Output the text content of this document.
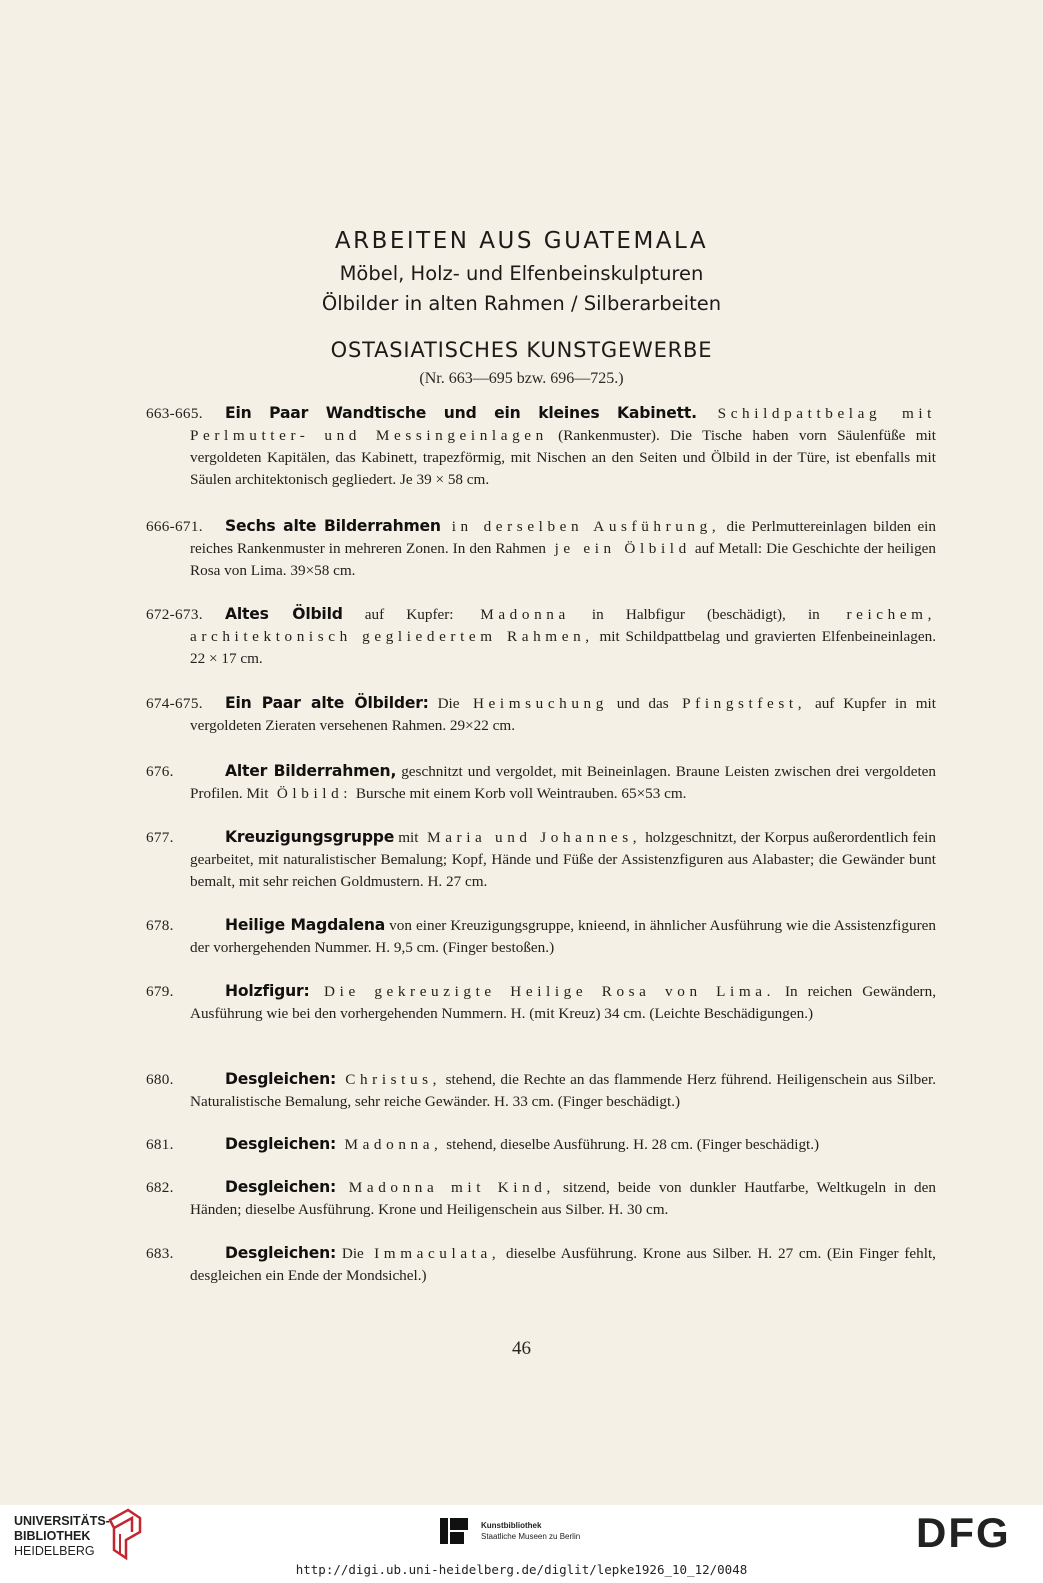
ARBEITEN AUS GUATEMALA
Möbel, Holz- und Elfenbeinskulpturen
Ölbilder in alten Rahmen / Silberarbeiten
OSTASIATISCHES KUNSTGEWERBE
(Nr. 663—695 bzw. 696—725.)
663-665. Ein Paar Wandtische und ein kleines Kabinett. Schildpattbelag mit Perlmutter- und Messingeinlagen (Rankenmuster). Die Tische haben vorn Säulenfüße mit vergoldeten Kapitälen, das Kabinett, trapezförmig, mit Nischen an den Seiten und Ölbild in der Türe, ist ebenfalls mit Säulen architektonisch gegliedert. Je 39 × 58 cm.
666-671. Sechs alte Bilderrahmen in derselben Ausführung, die Perlmuttereinlagen bilden ein reiches Rankenmuster in mehreren Zonen. In den Rahmen je ein Ölbild auf Metall: Die Geschichte der heiligen Rosa von Lima. 39×58 cm.
672-673. Altes Ölbild auf Kupfer: Madonna in Halbfigur (beschädigt), in reichem, architektonisch gegliedertem Rahmen, mit Schildpattbelag und gravierten Elfenbeineinlagen. 22 × 17 cm.
674-675. Ein Paar alte Ölbilder: Die Heimsuchung und das Pfingstfest, auf Kupfer in mit vergoldeten Zieraten versehenen Rahmen. 29×22 cm.
676.	Alter Bilderrahmen, geschnitzt und vergoldet, mit Beineinlagen. Braune Leisten zwischen drei vergoldeten Profilen. Mit Ölbild: Bursche mit einem Korb voll Weintrauben. 65×53 cm.
677.	Kreuzigungsgruppe mit Maria und Johannes, holzgeschnitzt, der Korpus außerordentlich fein gearbeitet, mit naturalistischer Bemalung; Kopf, Hände und Füße der Assistenzfiguren aus Alabaster; die Gewänder bunt bemalt, mit sehr reichen Goldmustern. H. 27 cm.
678.	Heilige Magdalena von einer Kreuzigungsgruppe, knieend, in ähnlicher Ausführung wie die Assistenzfiguren der vorhergehenden Nummer. H. 9,5 cm. (Finger bestoßen.)
679.	Holzfigur: Die gekreuzigte Heilige Rosa von Lima. In reichen Gewändern, Ausführung wie bei den vorhergehenden Nummern. H. (mit Kreuz) 34 cm. (Leichte Beschädigungen.)
680.	Desgleichen: Christus, stehend, die Rechte an das flammende Herz führend. Heiligenschein aus Silber. Naturalistische Bemalung, sehr reiche Gewänder. H. 33 cm. (Finger beschädigt.)
681.	Desgleichen: Madonna, stehend, dieselbe Ausführung. H. 28 cm. (Finger beschädigt.)
682.	Desgleichen: Madonna mit Kind, sitzend, beide von dunkler Hautfarbe, Weltkugeln in den Händen; dieselbe Ausführung. Krone und Heiligenschein aus Silber. H. 30 cm.
683.	Desgleichen: Die Immaculata, dieselbe Ausführung. Krone aus Silber. H. 27 cm. (Ein Finger fehlt, desgleichen ein Ende der Mondsichel.)
46
UNIVERSITÄTS-
BIBLIOTHEK
HEIDELBERG
Kunstbibliothek
Staatliche Museen zu Berlin	DFG
http://digi.ub.uni-heidelberg.de/diglit/lepke1926_10_12/0048
